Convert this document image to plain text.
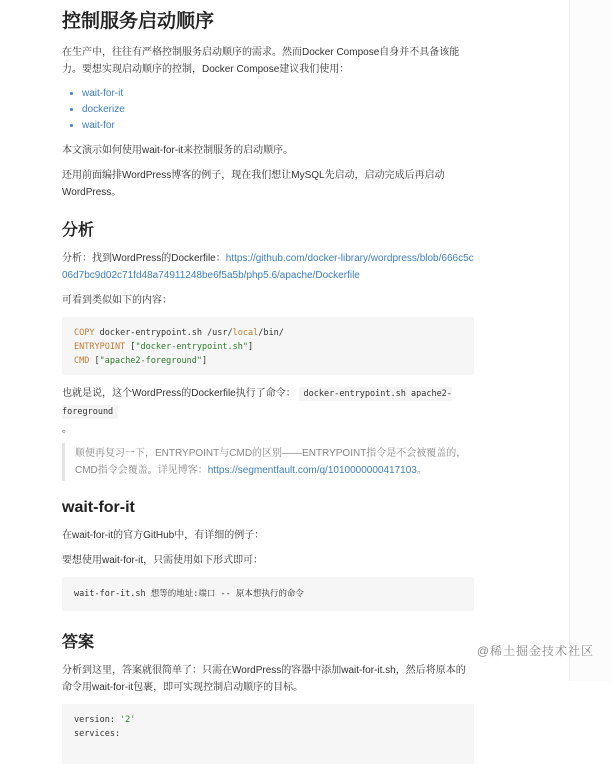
控制服务启动顺序

在生产中，往往有严格控制服务启动顺序的需求。然而Docker Compose自身并不具备该能力。要想实现启动顺序的控制，Docker Compose建议我们使用：

• wait-for-it
• dockerize
• wait-for

本文演示如何使用wait-for-it来控制服务的启动顺序。

还用前面编排WordPress博客的例子，现在我们想让MySQL先启动，启动完成后再启动WordPress。

分析

分析：找到WordPress的Dockerfile：https://github.com/docker-library/wordpress/blob/666c5c06d7bc9d02c71fd48a74911248be6f5a5b/php5.6/apache/Dockerfile

可看到类似如下的内容：

COPY docker-entrypoint.sh /usr/local/bin/
ENTRYPOINT ["docker-entrypoint.sh"]
CMD ["apache2-foreground"]

也就是说，这个WordPress的Dockerfile执行了命令： docker-entrypoint.sh apache2-foreground
。

顺便再复习一下，ENTRYPOINT与CMD的区别——ENTRYPOINT指令是不会被覆盖的，CMD指令会覆盖。详见博客：https://segmentfault.com/q/1010000000417103。
wait-for-it

在wait-for-it的官方GitHub中，有详细的例子：

要想使用wait-for-it，只需使用如下形式即可：

wait-for-it.sh 想等的地址:端口 -- 原本想执行的命令
答案

分析到这里，答案就很简单了：只需在WordPress的容器中添加wait-for-it.sh，然后将原本的命令用wait-for-it包裹，即可实现控制启动顺序的目标。

version: '2'
services:
@稀土掘金技术社区
